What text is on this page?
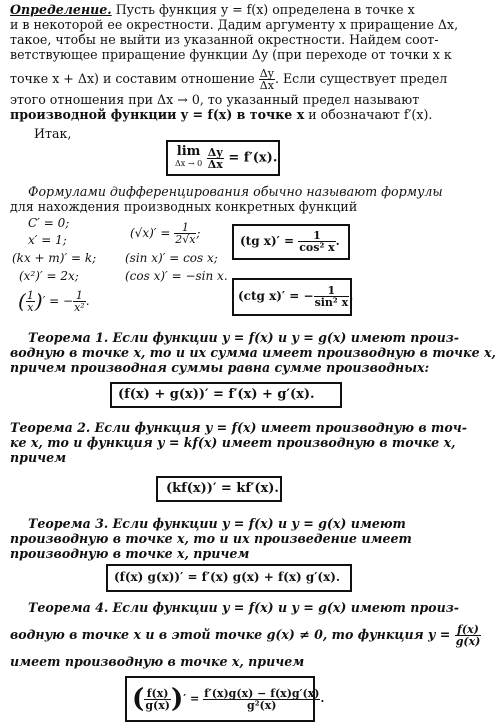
Определение. Пусть функция y = f(x) определена в точке x
и в некоторой ее окрестности. Дадим аргументу x приращение Δx,
такое, чтобы не выйти из указанной окрестности. Найдем соот-
ветствующее приращение функции Δy (при переходе от точки x к
точке x + Δx) и составим отношение $\frac{\Delta y}{\Delta x}$ . Если существует предел
этого отношения при Δx → 0, то указанный предел называют
производной функции y = f(x) в точке x и обозначают f′(x).
Итак,
lim
Δx → 0
$\frac{\Delta y}{\Delta x} = f'(x)$.
Формулами дифференцирования обычно называют формулы
для нахождения производных конкретных функций
C′ = 0;
x′ = 1;
(kx + m)′ = k;
(x²)′ = 2x;
( $\frac{1}{x}$ )′ = − $\frac{1}{\text{x²}}$ .
$(√x)' = \frac{1}{2√x}$ ;
(sin x)′ = cos x;
(cos x)′ = −sin x.
(tg $x)' = \frac{1}{\text{cos² x}}$ .
(ctg x)′ = − $\frac{1}{\text{sin² x}}$ .
Теорема 1. Если функции y = f(x) и y = g(x) имеют произ-
водную в точке x, то и их сумма имеет производную в точке x,
причем производная суммы равна сумме производных:
(f(x) + g(x))′ = f′(x) + g′(x).
Теорема 2. Если функция y = f(x) имеет производную в точ-
ке x, то и функция y = kf(x) имеет производную в точке x,
причем
(kf(x))′ = kf′(x).
Теорема 3. Если функции y = f(x) и y = g(x) имеют
производную в точке x, то и их произведение имеет
производную в точке x, причем
(f(x) g(x))′ = f′(x) g(x) + f(x) g′(x).
Теорема 4. Если функции y = f(x) и y = g(x) имеют произ-
водную в точке x и в этой точке g(x) ≠ 0, то функция $y = \frac{f(x)}{g(x)}$
имеет производную в точке x, причем
( $\frac{f(x)}{g(x)}$ )′ = $\frac{f'(x)g(x) - f(x)g'(x)}{\text{g²(x)}}$ .
